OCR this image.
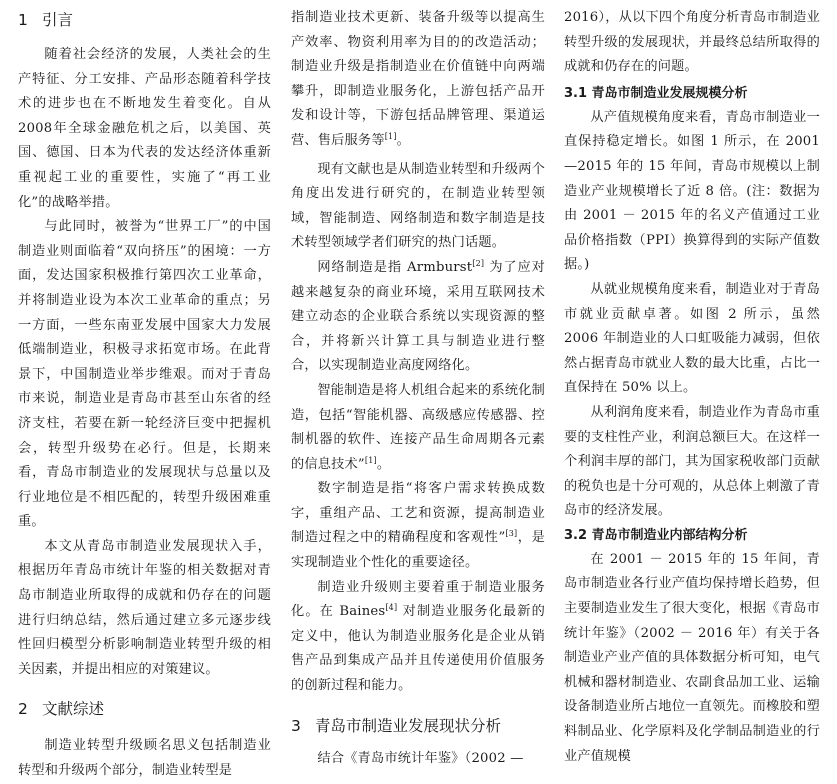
1 引言

随着社会经济的发展，人类社会的生产特征、分工安排、产品形态随着科学技术的进步也在不断地发生着变化。自从2008年全球金融危机之后，以美国、英国、德国、日本为代表的发达经济体重新重视起工业的重要性，实施了“再工业化”的战略举措。

与此同时，被誉为“世界工厂”的中国制造业则面临着“双向挤压”的困境：一方面，发达国家积极推行第四次工业革命，并将制造业设为本次工业革命的重点；另一方面，一些东南亚发展中国家大力发展低端制造业，积极寻求拓宽市场。在此背景下，中国制造业举步维艰。而对于青岛市来说，制造业是青岛市甚至山东省的经济支柱，若要在新一轮经济巨变中把握机会，转型升级势在必行。但是，长期来看，青岛市制造业的发展现状与总量以及行业地位是不相匹配的，转型升级困难重重。

本文从青岛市制造业发展现状入手，根据历年青岛市统计年鉴的相关数据对青岛市制造业所取得的成就和仍存在的问题进行归纳总结，然后通过建立多元逐步线性回归模型分析影响制造业转型升级的相关因素，并提出相应的对策建议。

2 文献综述

制造业转型升级顾名思义包括制造业转型和升级两个部分，制造业转型是

指制造业技术更新、装备升级等以提高生产效率、物资利用率为目的的改造活动；制造业升级是指制造业在价值链中向两端攀升，即制造业服务化，上游包括产品开发和设计等，下游包括品牌管理、渠道运营、售后服务等[1]。

现有文献也是从制造业转型和升级两个角度出发进行研究的，在制造业转型领域，智能制造、网络制造和数字制造是技术转型领域学者们研究的热门话题。

网络制造是指 Armburst[2] 为了应对越来越复杂的商业环境，采用互联网技术建立动态的企业联合系统以实现资源的整合，并将新兴计算工具与制造业进行整合，以实现制造业高度网络化。

智能制造是将人机组合起来的系统化制造，包括“智能机器、高级感应传感器、控制机器的软件、连接产品生命周期各元素的信息技术”[1]。

数字制造是指“将客户需求转换成数字，重组产品、工艺和资源，提高制造业制造过程之中的精确程度和客观性”[3]，是实现制造业个性化的重要途径。

制造业升级则主要着重于制造业服务化。在 Baines[4] 对制造业服务化最新的定义中，他认为制造业服务化是企业从销售产品到集成产品并且传递使用价值服务的创新过程和能力。

3 青岛市制造业发展现状分析

结合《青岛市统计年鉴》（2002 —

2016），从以下四个角度分析青岛市制造业转型升级的发展现状，并最终总结所取得的成就和仍存在的问题。

3.1 青岛市制造业发展规模分析

从产值规模角度来看，青岛市制造业一直保持稳定增长。如图 1 所示，在 2001—2015 年的 15 年间，青岛市规模以上制造业产业规模增长了近 8 倍。(注：数据为由 2001 － 2015 年的名义产值通过工业品价格指数（PPI）换算得到的实际产值数据。)

从就业规模角度来看，制造业对于青岛市就业贡献卓著。如图 2 所示，虽然 2006 年制造业的人口虹吸能力减弱，但依然占据青岛市就业人数的最大比重，占比一直保持在 50% 以上。

从利润角度来看，制造业作为青岛市重要的支柱性产业，利润总额巨大。在这样一个利润丰厚的部门，其为国家税收部门贡献的税负也是十分可观的，从总体上刺激了青岛市的经济发展。

3.2 青岛市制造业内部结构分析

在 2001 － 2015 年的 15 年间，青岛市制造业各行业产值均保持增长趋势，但主要制造业发生了很大变化，根据《青岛市统计年鉴》（2002 － 2016 年）有关于各制造业产业产值的具体数据分析可知，电气机械和器材制造业、农副食品加工业、运输设备制造业所占地位一直领先。而橡胶和塑料制品业、化学原料及化学制品制造业的行业产值规模
